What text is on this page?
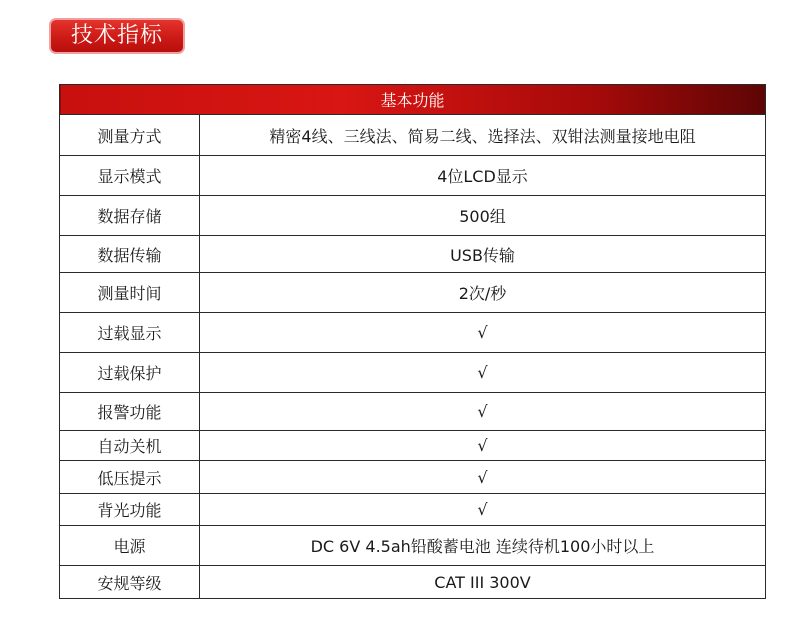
技术指标
基本功能	
测量方式	精密4线、三线法、简易二线、选择法、双钳法测量接地电阻
显示模式	4位LCD显示
数据存储	500组
数据传输	USB传输
测量时间	2次/秒
过载显示	√
过载保护	√
报警功能	√
自动关机	√
低压提示	√
背光功能	√
电源	DC 6V 4.5ah铅酸蓄电池 连续待机100小时以上
安规等级	CAT III 300V
